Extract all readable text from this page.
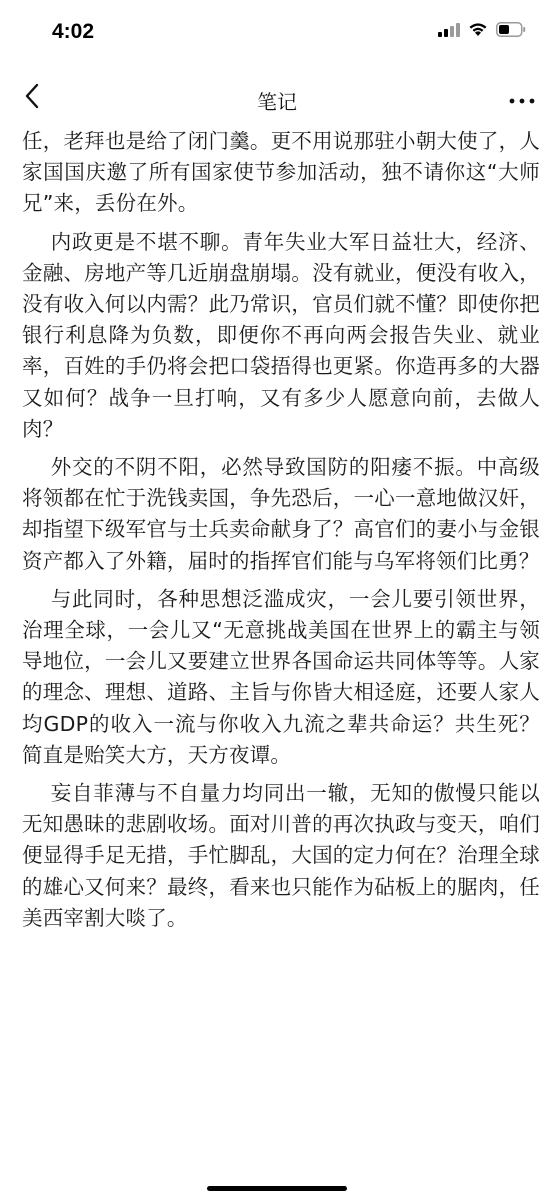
4:02
笔记

任，老拜也是给了闭门羹。更不用说那驻小朝大使了，人家国国庆邀了所有国家使节参加活动，独不请你这“大师兄”来，丢份在外。

内政更是不堪不聊。青年失业大军日益壮大，经济、金融、房地产等几近崩盘崩塌。没有就业，便没有收入，没有收入何以内需？此乃常识，官员们就不懂？即使你把银行利息降为负数，即便你不再向两会报告失业、就业率，百姓的手仍将会把口袋捂得也更紧。你造再多的大器又如何？战争一旦打响，又有多少人愿意向前，去做人肉？

外交的不阴不阳，必然导致国防的阳痿不振。中高级将领都在忙于洗钱卖国，争先恐后，一心一意地做汉奸，却指望下级军官与士兵卖命献身了？高官们的妻小与金银资产都入了外籍，届时的指挥官们能与乌军将领们比勇？

与此同时，各种思想泛滥成灾，一会儿要引领世界，治理全球，一会儿又“无意挑战美国在世界上的霸主与领导地位，一会儿又要建立世界各国命运共同体等等。人家的理念、理想、道路、主旨与你皆大相迳庭，还要人家人均GDP的收入一流与你收入九流之辈共命运？共生死？简直是贻笑大方，天方夜谭。

妄自菲薄与不自量力均同出一辙，无知的傲慢只能以无知愚昧的悲剧收场。面对川普的再次执政与变天，咱们便显得手足无措，手忙脚乱，大国的定力何在？治理全球的雄心又何来？最终，看来也只能作为砧板上的腒肉，任美西宰割大啖了。
